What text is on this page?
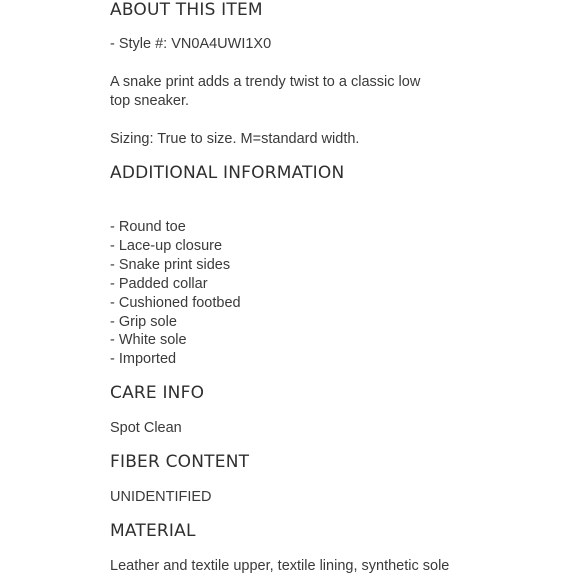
ABOUT THIS ITEM

- Style #: VN0A4UWI1X0

A snake print adds a trendy twist to a classic low

top sneaker.

Sizing: True to size. M=standard width.

ADDITIONAL INFORMATION
- Round toe
- Lace-up closure
- Snake print sides
- Padded collar
- Cushioned footbed
- Grip sole
- White sole
- Imported
CARE INFO

Spot Clean

FIBER CONTENT

UNIDENTIFIED

MATERIAL

Leather and textile upper, textile lining, synthetic sole
